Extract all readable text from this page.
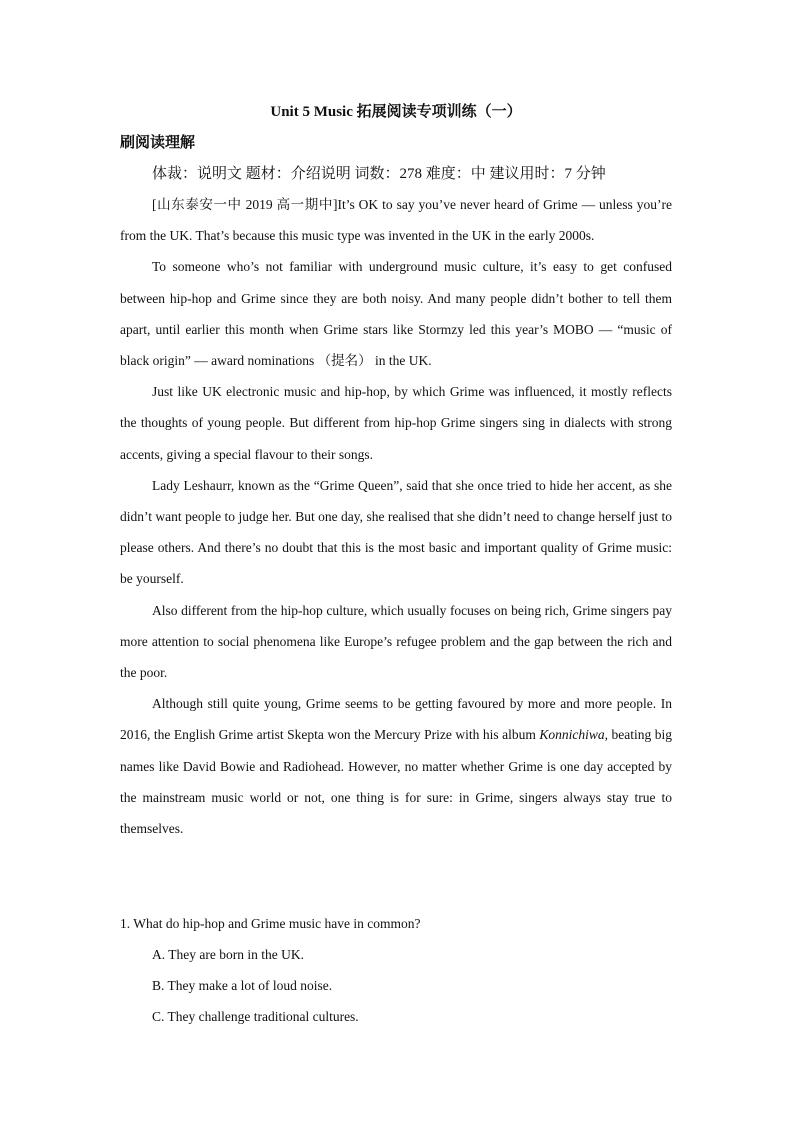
Unit 5 Music 拓展阅读专项训练（一）
刷阅读理解
体裁：说明文 题材：介绍说明 词数：278 难度：中 建议用时：7 分钟

[山东泰安一中 2019 高一期中]It’s OK to say you’ve never heard of Grime — unless you’re from the UK. That’s because this music type was invented in the UK in the early 2000s.

To someone who’s not familiar with underground music culture, it’s easy to get confused between hip-hop and Grime since they are both noisy. And many people didn’t bother to tell them apart, until earlier this month when Grime stars like Stormzy led this year’s MOBO — “music of black origin” — award nominations （提名） in the UK.

Just like UK electronic music and hip-hop, by which Grime was influenced, it mostly reflects the thoughts of young people. But different from hip-hop Grime singers sing in dialects with strong accents, giving a special flavour to their songs.

Lady Leshaurr, known as the “Grime Queen”, said that she once tried to hide her accent, as she didn’t want people to judge her. But one day, she realised that she didn’t need to change herself just to please others. And there’s no doubt that this is the most basic and important quality of Grime music: be yourself.

Also different from the hip-hop culture, which usually focuses on being rich, Grime singers pay more attention to social phenomena like Europe’s refugee problem and the gap between the rich and the poor.

Although still quite young, Grime seems to be getting favoured by more and more people. In 2016, the English Grime artist Skepta won the Mercury Prize with his album Konnichiwa, beating big names like David Bowie and Radiohead. However, no matter whether Grime is one day accepted by the mainstream music world or not, one thing is for sure: in Grime, singers always stay true to themselves.

1. What do hip-hop and Grime music have in common?

A. They are born in the UK.

B. They make a lot of loud noise.

C. They challenge traditional cultures.
